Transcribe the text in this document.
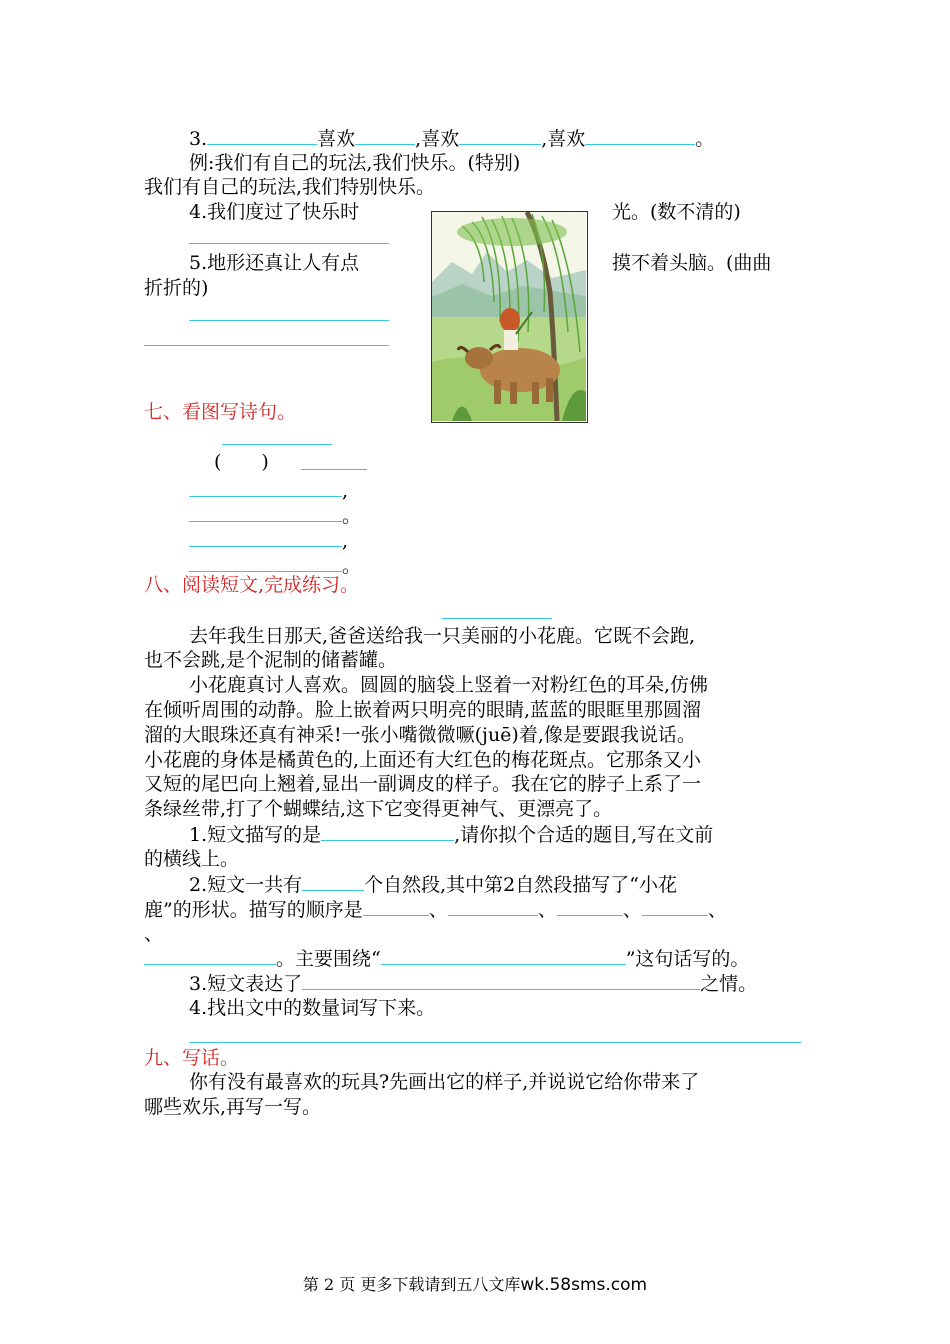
3.	喜欢	,喜欢	,喜欢	。
例:我们有自己的玩法,我们快乐。(特别)
我们有自己的玩法,我们特别快乐。
4.我们度过了快乐时	光。(数不清的)
5.地形还真让人有点	摸不着头脑。(曲曲
折折的)
七、看图写诗句。
( )
,
。
,
。
八、阅读短文,完成练习。
去年我生日那天,爸爸送给我一只美丽的小花鹿。它既不会跑,
也不会跳,是个泥制的储蓄罐。
小花鹿真讨人喜欢。圆圆的脑袋上竖着一对粉红色的耳朵,仿佛
在倾听周围的动静。脸上嵌着两只明亮的眼睛,蓝蓝的眼眶里那圆溜
溜的大眼珠还真有神采!一张小嘴微微噘(juē)着,像是要跟我说话。
小花鹿的身体是橘黄色的,上面还有大红色的梅花斑点。它那条又小
又短的尾巴向上翘着,显出一副调皮的样子。我在它的脖子上系了一
条绿丝带,打了个蝴蝶结,这下它变得更神气、更漂亮了。
1.短文描写的是	,请你拟个合适的题目,写在文前
的横线上。
2.短文一共有	个自然段,其中第2自然段描写了“小花
鹿”的形状。描写的顺序是	、	、	、	、
、
。主要围绕“	”这句话写的。
3.短文表达了	之情。
4.找出文中的数量词写下来。
九、写话。
你有没有最喜欢的玩具?先画出它的样子,并说说它给你带来了
哪些欢乐,再写一写。
第 2 页 更多下载请到五八文库wk.58sms.com
